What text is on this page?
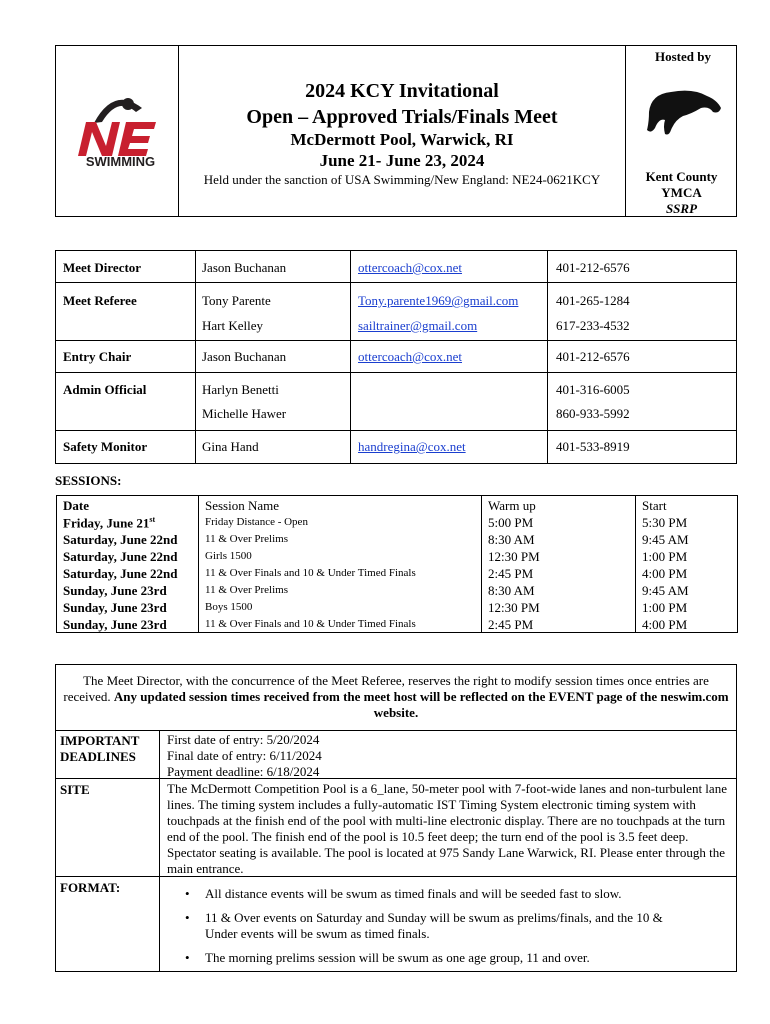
SWIMMING
2024 KCY Invitational
Open – Approved Trials/Finals Meet
McDermott Pool, Warwick, RI
June 21- June 23, 2024
Held under the sanction of USA Swimming/New England: NE24-0621KCY
Hosted by
Kent County
YMCA
SSRP
Meet Director	Jason Buchanan	ottercoach@cox.net	401-212-6576
Meet Referee	Tony Parente	Tony.parente1969@gmail.com	401-265-1284
Hart Kelley	sailtrainer@gmail.com	617-233-4532
Entry Chair	Jason Buchanan	ottercoach@cox.net	401-212-6576
Admin Official	Harlyn Benetti	401-316-6005
Michelle Hawer	860-933-5992
Safety Monitor	Gina Hand	handregina@cox.net	401-533-8919
SESSIONS:
Date	Session Name	Warm up	Start
Friday, June 21st	Friday Distance - Open	5:00 PM	5:30 PM
Saturday, June 22nd 11 & Over Prelims	8:30 AM	9:45 AM
Saturday, June 22nd Girls 1500	12:30 PM	1:00 PM
Saturday, June 22nd 11 & Over Finals and 10 & Under Timed Finals	2:45 PM	4:00 PM
Sunday, June 23rd	11 & Over Prelims	8:30 AM	9:45 AM
Sunday, June 23rd	Boys 1500	12:30 PM	1:00 PM
Sunday, June 23rd	11 & Over Finals and 10 & Under Timed Finals	2:45 PM	4:00 PM
The Meet Director, with the concurrence of the Meet Referee, reserves the right to modify session times once entries are received. Any updated session times received from the meet host will be reflected on the EVENT page of the neswim.com website.
IMPORTANT
DEADLINES
First date of entry: 5/20/2024
Final date of entry: 6/11/2024
Payment deadline: 6/18/2024
SITE	The McDermott Competition Pool is a 6_lane, 50-meter pool with 7-foot-wide lanes and non-turbulent lane lines. The timing system includes a fully-automatic IST Timing System electronic timing system with touchpads at the finish end of the pool with multi-line electronic display. There are no touchpads at the turn end of the pool. The finish end of the pool is 10.5 feet deep; the turn end of the pool is 3.5 feet deep. Spectator seating is available. The pool is located at 975 Sandy Lane Warwick, RI. Please enter through the main entrance.
FORMAT:
•	All distance events will be swum as timed finals and will be seeded fast to slow.
• 11 & Over events on Saturday and Sunday will be swum as prelims/finals, and the 10 & Under events will be swum as timed finals.
• The morning prelims session will be swum as one age group, 11 and over.
